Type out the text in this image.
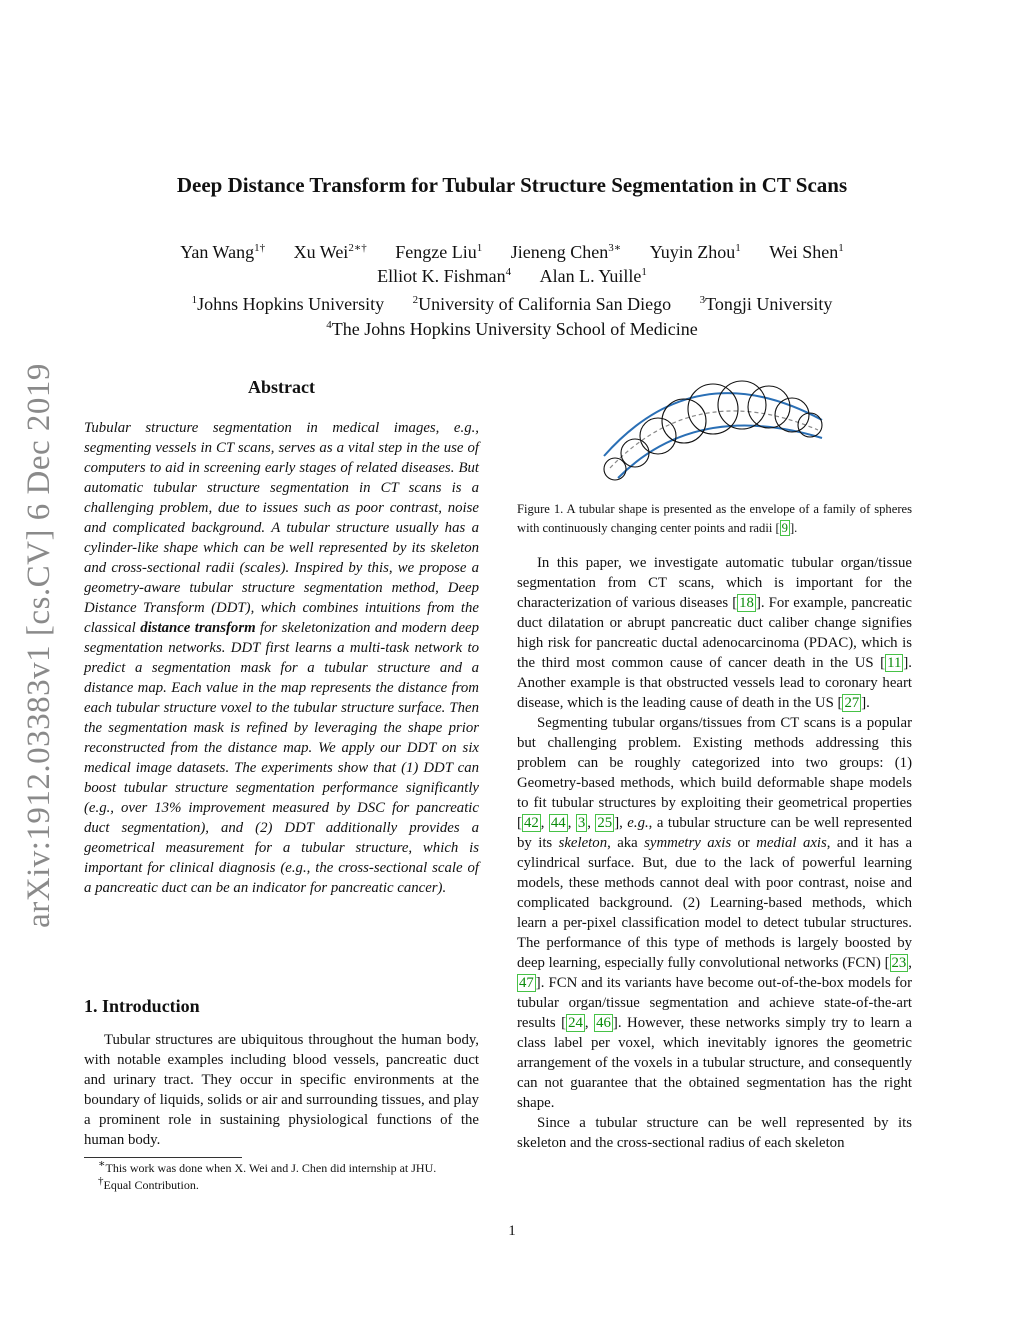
Deep Distance Transform for Tubular Structure Segmentation in CT Scans
Yan Wang$^{1\dagger}$ Xu Wei$^{2∗\dagger}$ Fengze Liu$^1$ Jieneng Chen$^{3∗}$ Yuyin Zhou$^1$ Wei Shen$^1$
Elliot K. Fishman$^4$ Alan L. Yuille$^1$
$^1$Johns Hopkins University	$^2$University of California San Diego	$^3$Tongji University
$^4$The Johns Hopkins University School of Medicine
arXiv:1912.03383v1 [cs.CV] 6 Dec 2019	Abstract

Tubular structure segmentation in medical images, e.g., segmenting vessels in CT scans, serves as a vital step in the use of computers to aid in screening early stages of related diseases. But automatic tubular structure segmentation in CT scans is a challenging problem, due to issues such as poor contrast, noise and complicated background. A tubular structure usually has a cylinder-like shape which can be well represented by its skeleton and cross-sectional radii (scales). Inspired by this, we propose a geometry-aware tubular structure segmentation method, Deep Distance Transform (DDT), which combines intuitions from the classical distance transform for skeletonization and modern deep segmentation networks. DDT first learns a multi-task network to predict a segmentation mask for a tubular structure and a distance map. Each value in the map represents the distance from each tubular structure voxel to the tubular structure surface. Then the segmentation mask is refined by leveraging the shape prior reconstructed from the distance map. We apply our DDT on six medical image datasets. The experiments show that (1) DDT can boost tubular structure segmentation performance significantly (e.g., over 13% improvement measured by DSC for pancreatic duct segmentation), and (2) DDT additionally provides a geometrical measurement for a tubular structure, which is important for clinical diagnosis (e.g., the cross-sectional scale of a pancreatic duct can be an indicator for pancreatic cancer).

1. Introduction

Tubular structures are ubiquitous throughout the human body, with notable examples including blood vessels, pancreatic duct and urinary tract. They occur in specific environments at the boundary of liquids, solids or air and surrounding tissues, and play a prominent role in sustaining physiological functions of the human body.

∗This work was done when X. Wei and J. Chen did internship at JHU.

†Equal Contribution.

Figure 1. A tubular shape is presented as the envelope of a family of spheres with continuously changing center points and radii [ 9 ].

In this paper, we investigate automatic tubular organ/tissue segmentation from CT scans, which is important for the characterization of various diseases [ 18 ]. For example, pancreatic duct dilatation or abrupt pancreatic duct caliber change signifies high risk for pancreatic ductal adenocarcinoma (PDAC), which is the third most common cause of cancer death in the US [ 11 ]. Another example is that obstructed vessels lead to coronary heart disease, which is the leading cause of death in the US [ 27 ].

Segmenting tubular organs/tissues from CT scans is a popular but challenging problem. Existing methods addressing this problem can be roughly categorized into two groups: (1) Geometry-based methods, which build deformable shape models to fit tubular structures by exploiting their geometrical properties [ 42 , 44 , 3 , 25 ], e.g., a tubular structure can be well represented by its skeleton, aka symmetry axis or medial axis, and it has a cylindrical surface. But, due to the lack of powerful learning models, these methods cannot deal with poor contrast, noise and complicated background. (2) Learning-based methods, which learn a per-pixel classification model to detect tubular structures. The performance of this type of methods is largely boosted by deep learning, especially fully convolutional networks (FCN) [ 23 , 47 ]. FCN and its variants have become out-of-the-box models for tubular organ/tissue segmentation and achieve state-of-the-art results [ 24 , 46 ]. However, these networks simply try to learn a class label per voxel, which inevitably ignores the geometric arrangement of the voxels in a tubular structure, and consequently can not guarantee that the obtained segmentation has the right shape.

Since a tubular structure can be well represented by its skeleton and the cross-sectional radius of each skeleton

1
